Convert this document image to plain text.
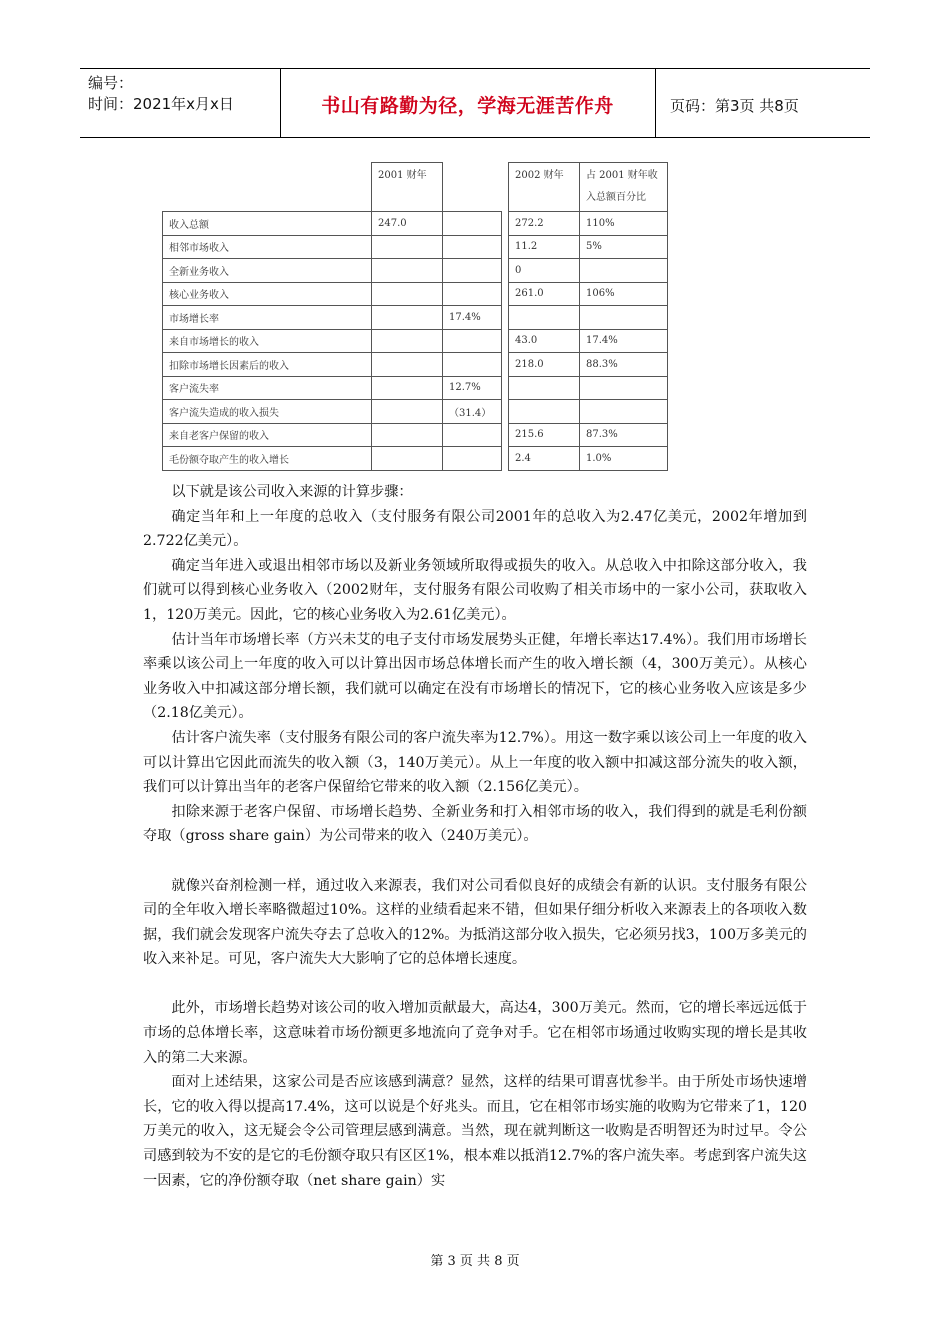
编号：
时间：2021年x月x日	书山有路勤为径，学海无涯苦作舟	页码：第3页 共8页
	2001 财年			2002 财年	占 2001 财年收入总额百分比
收入总额	247.0			272.2	110%
相邻市场收入				11.2	5%
全新业务收入				0	
核心业务收入				261.0	106%
市场增长率		17.4%			
来自市场增长的收入				43.0	17.4%
扣除市场增长因素后的收入				218.0	88.3%
客户流失率		12.7%			
客户流失造成的收入损失		（31.4）			
来自老客户保留的收入				215.6	87.3%
毛份额夺取产生的收入增长				2.4	1.0%

以下就是该公司收入来源的计算步骤：

确定当年和上一年度的总收入（支付服务有限公司2001年的总收入为2.47亿美元，2002年增加到2.722亿美元）。

确定当年进入或退出相邻市场以及新业务领域所取得或损失的收入。从总收入中扣除这部分收入，我们就可以得到核心业务收入（2002财年，支付服务有限公司收购了相关市场中的一家小公司，获取收入1，120万美元。因此，它的核心业务收入为2.61亿美元）。

估计当年市场增长率（方兴未艾的电子支付市场发展势头正健，年增长率达17.4%）。我们用市场增长率乘以该公司上一年度的收入可以计算出因市场总体增长而产生的收入增长额（4，300万美元）。从核心业务收入中扣减这部分增长额，我们就可以确定在没有市场增长的情况下，它的核心业务收入应该是多少（2.18亿美元）。

估计客户流失率（支付服务有限公司的客户流失率为12.7%）。用这一数字乘以该公司上一年度的收入可以计算出它因此而流失的收入额（3，140万美元）。从上一年度的收入额中扣减这部分流失的收入额，我们可以计算出当年的老客户保留给它带来的收入额（2.156亿美元）。

扣除来源于老客户保留、市场增长趋势、全新业务和打入相邻市场的收入，我们得到的就是毛利份额夺取（gross share gain）为公司带来的收入（240万美元）。

就像兴奋剂检测一样，通过收入来源表，我们对公司看似良好的成绩会有新的认识。支付服务有限公司的全年收入增长率略微超过10%。这样的业绩看起来不错，但如果仔细分析收入来源表上的各项收入数据，我们就会发现客户流失夺去了总收入的12%。为抵消这部分收入损失，它必须另找3，100万多美元的收入来补足。可见，客户流失大大影响了它的总体增长速度。

此外，市场增长趋势对该公司的收入增加贡献最大，高达4，300万美元。然而，它的增长率远远低于市场的总体增长率，这意味着市场份额更多地流向了竞争对手。它在相邻市场通过收购实现的增长是其收入的第二大来源。

面对上述结果，这家公司是否应该感到满意？显然，这样的结果可谓喜忧参半。由于所处市场快速增长，它的收入得以提高17.4%，这可以说是个好兆头。而且，它在相邻市场实施的收购为它带来了1，120万美元的收入，这无疑会令公司管理层感到满意。当然，现在就判断这一收购是否明智还为时过早。令公司感到较为不安的是它的毛份额夺取只有区区1%，根本难以抵消12.7%的客户流失率。考虑到客户流失这一因素，它的净份额夺取（net share gain）实

第 3 页 共 8 页
